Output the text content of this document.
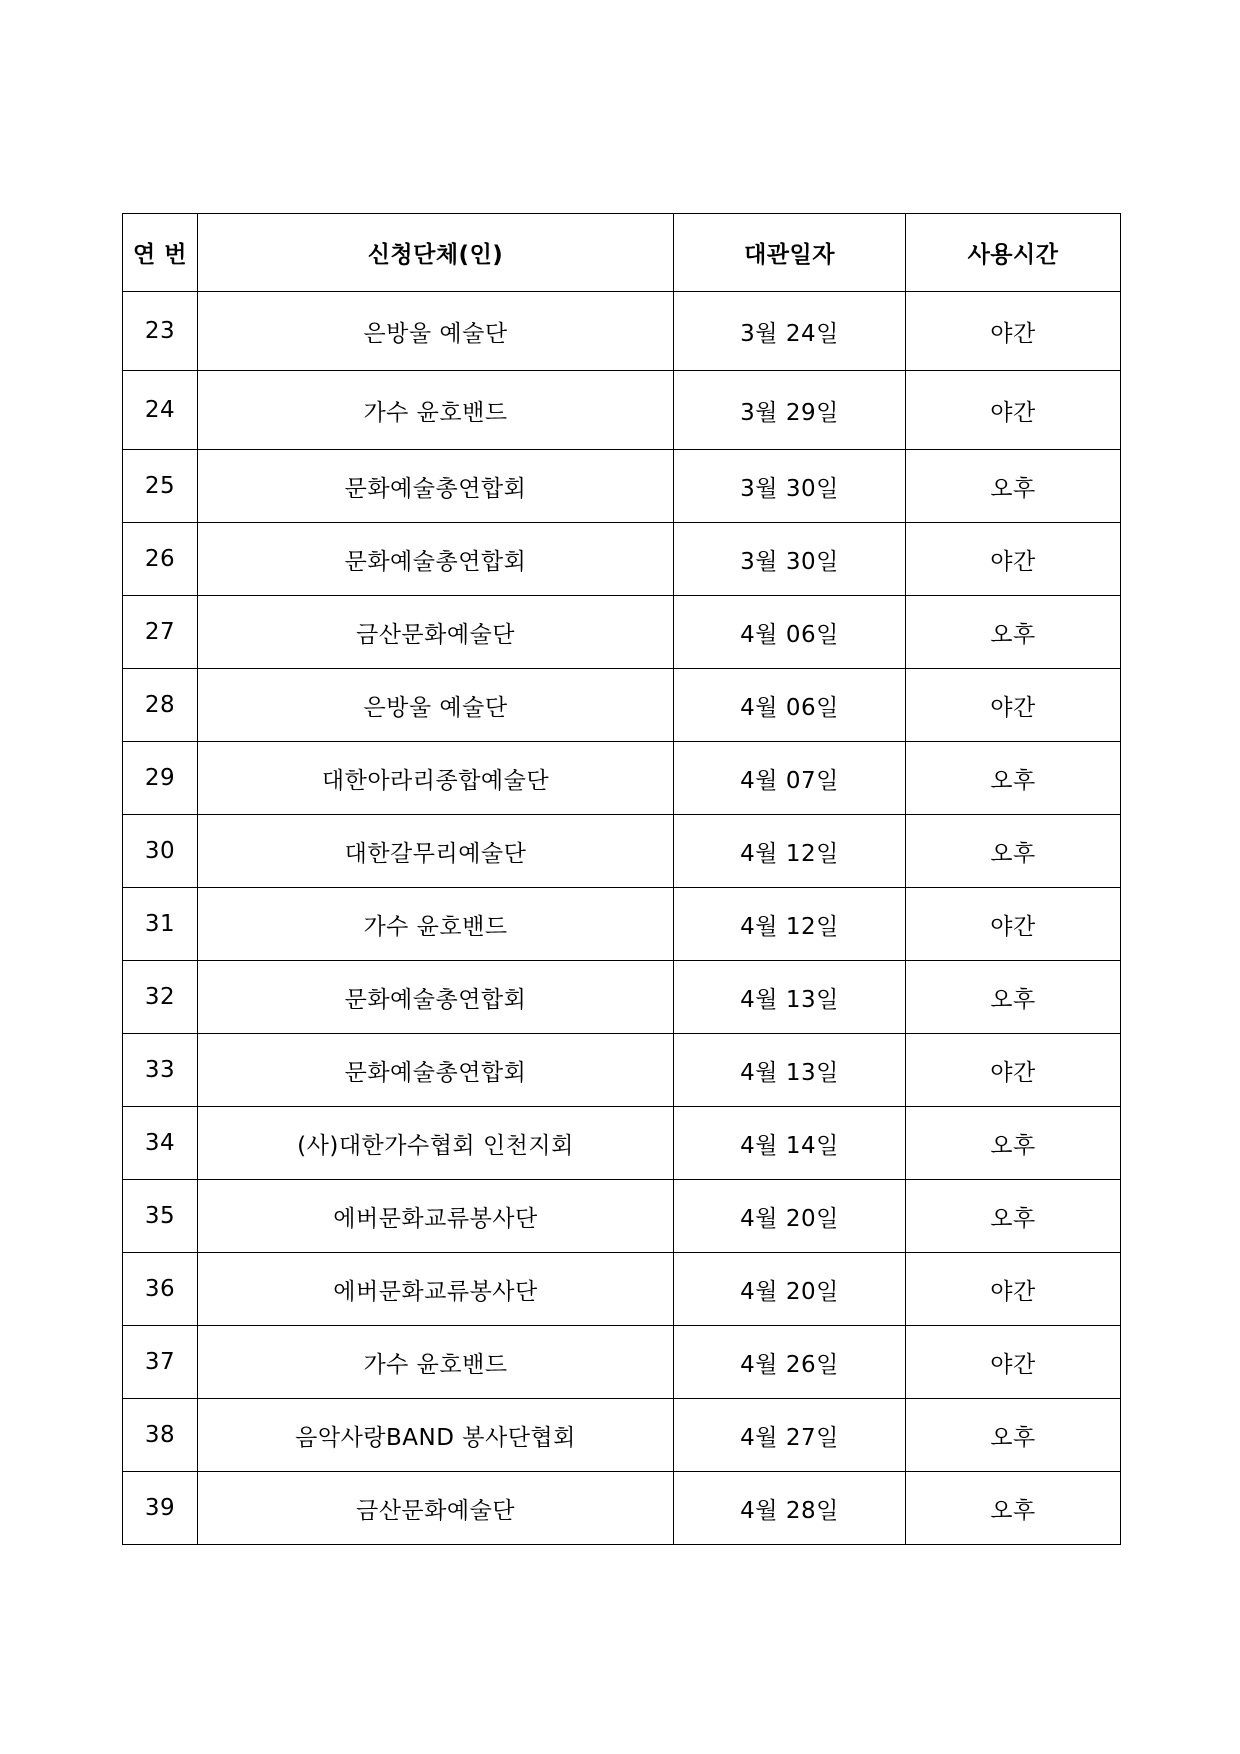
연 번	신청단체(인)	대관일자	사용시간
23	은방울 예술단	3월 24일	야간
24	가수 윤호밴드	3월 29일	야간
25	문화예술총연합회	3월 30일	오후
26	문화예술총연합회	3월 30일	야간
27	금산문화예술단	4월 06일	오후
28	은방울 예술단	4월 06일	야간
29	대한아라리종합예술단	4월 07일	오후
30	대한갈무리예술단	4월 12일	오후
31	가수 윤호밴드	4월 12일	야간
32	문화예술총연합회	4월 13일	오후
33	문화예술총연합회	4월 13일	야간
34	(사)대한가수협회 인천지회	4월 14일	오후
35	에버문화교류봉사단	4월 20일	오후
36	에버문화교류봉사단	4월 20일	야간
37	가수 윤호밴드	4월 26일	야간
38	음악사랑BAND 봉사단협회	4월 27일	오후
39	금산문화예술단	4월 28일	오후
